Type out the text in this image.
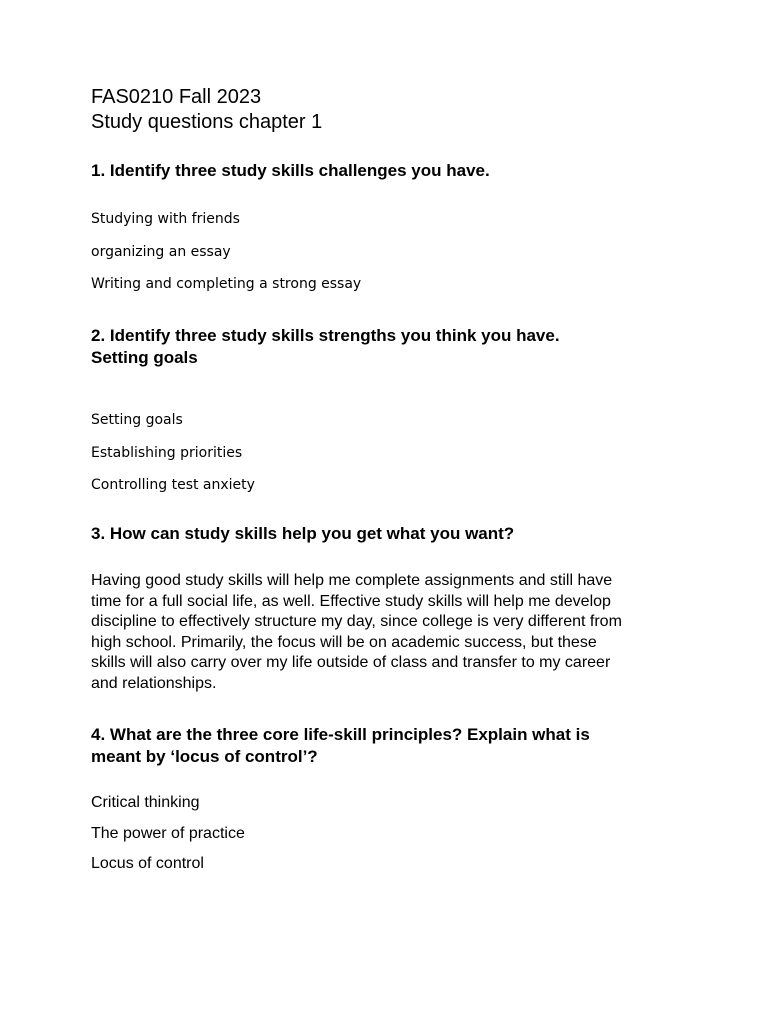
FAS0210 Fall 2023
Study questions chapter 1
1. Identify three study skills challenges you have.
Studying with friends
organizing an essay
Writing and completing a strong essay
2. Identify three study skills strengths you think you have.
Setting goals
Setting goals
Establishing priorities
Controlling test anxiety
3. How can study skills help you get what you want?
Having good study skills will help me complete assignments and still have
time for a full social life, as well. Effective study skills will help me develop
discipline to effectively structure my day, since college is very different from
high school. Primarily, the focus will be on academic success, but these
skills will also carry over my life outside of class and transfer to my career
and relationships.
4. What are the three core life-skill principles? Explain what is
meant by ‘locus of control’?
Critical thinking
The power of practice
Locus of control
